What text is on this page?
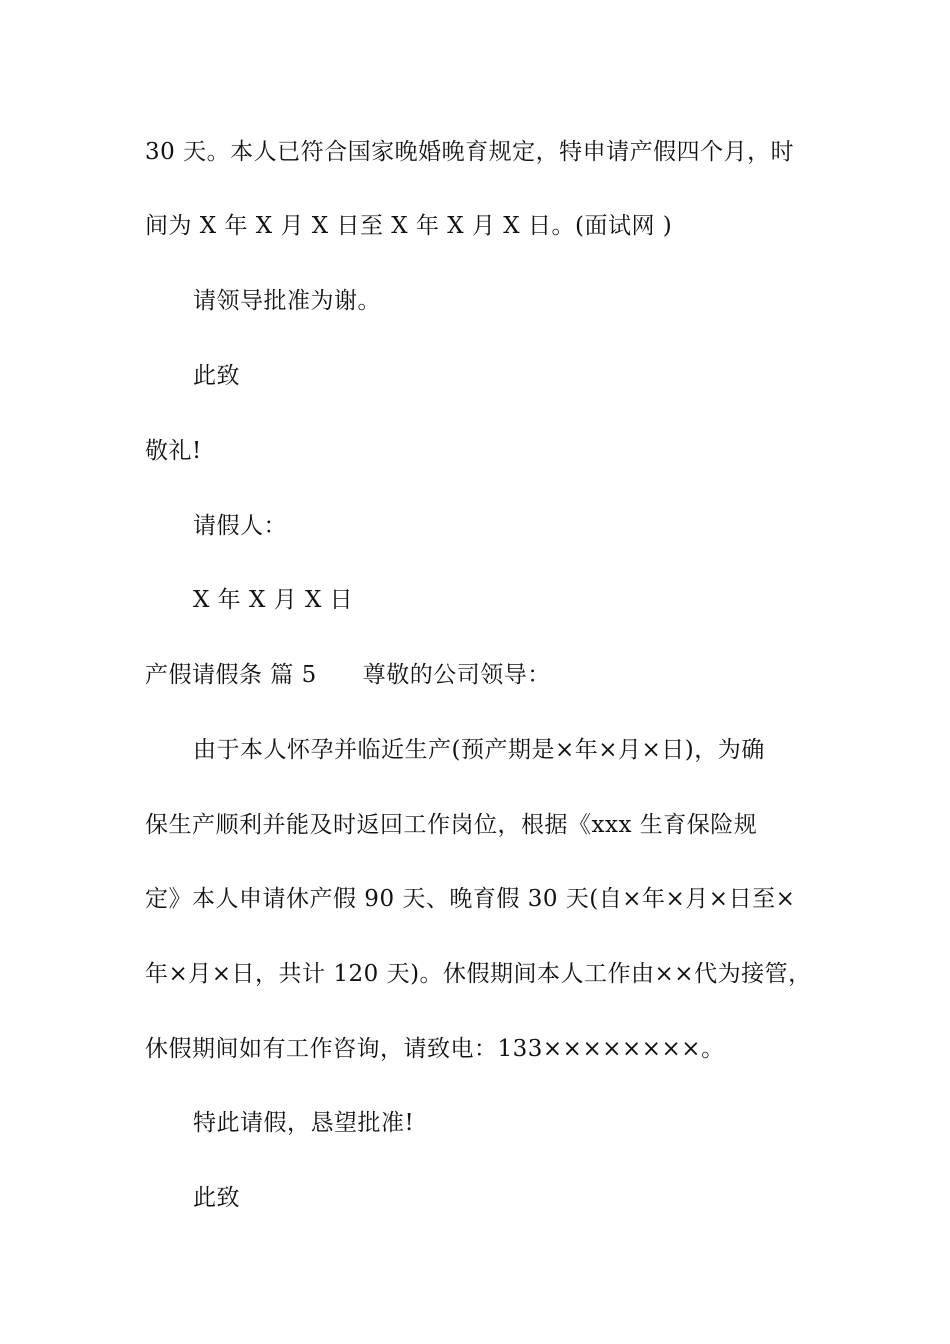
30 天。本人已符合国家晚婚晚育规定，特申请产假四个月，时
间为 X 年 X 月 X 日至 X 年 X 月 X 日。(面试网 )
请领导批准为谢。
此致
敬礼!
请假人：
X 年 X 月 X 日
产假请假条 篇 5 尊敬的公司领导：
由于本人怀孕并临近生产(预产期是×年×月×日)，为确
保生产顺利并能及时返回工作岗位，根据《xxx 生育保险规
定》本人申请休产假 90 天、晚育假 30 天(自×年×月×日至×
年×月×日，共计 120 天)。休假期间本人工作由××代为接管，
休假期间如有工作咨询，请致电：133××××××××。
特此请假，恳望批准!
此致
